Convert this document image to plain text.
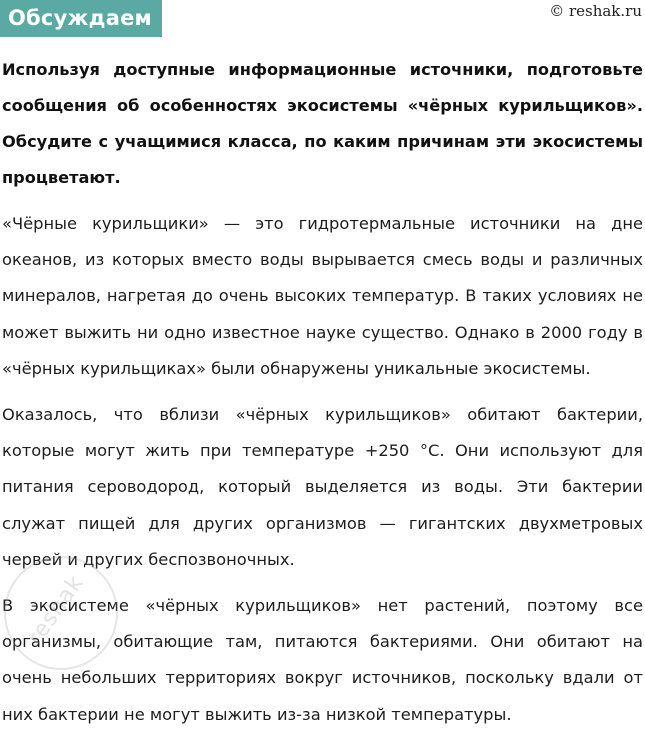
Обсуждаем	© reshak.ru

Используя доступные информационные источники, подготовьте сообщения об особенностях экосистемы «чёрных курильщиков». Обсудите с учащимися класса, по каким причинам эти экосистемы процветают.

«Чёрные курильщики» — это гидротермальные источники на дне океанов, из которых вместо воды вырывается смесь воды и различных минералов, нагретая до очень высоких температур. В таких условиях не может выжить ни одно известное науке существо. Однако в 2000 году в «чёрных курильщиках» были обнаружены уникальные экосистемы.

Оказалось, что вблизи «чёрных курильщиков» обитают бактерии, которые могут жить при температуре +250 °С. Они используют для питания сероводород, который выделяется из воды. Эти бактерии служат пищей для других организмов — гигантских двухметровых червей и других беспозвоночных.

В экосистеме «чёрных курильщиков» нет растений, поэтому все организмы, обитающие там, питаются бактериями. Они обитают на очень небольших территориях вокруг источников, поскольку вдали от них бактерии не могут выжить из-за низкой температуры.

reshak
